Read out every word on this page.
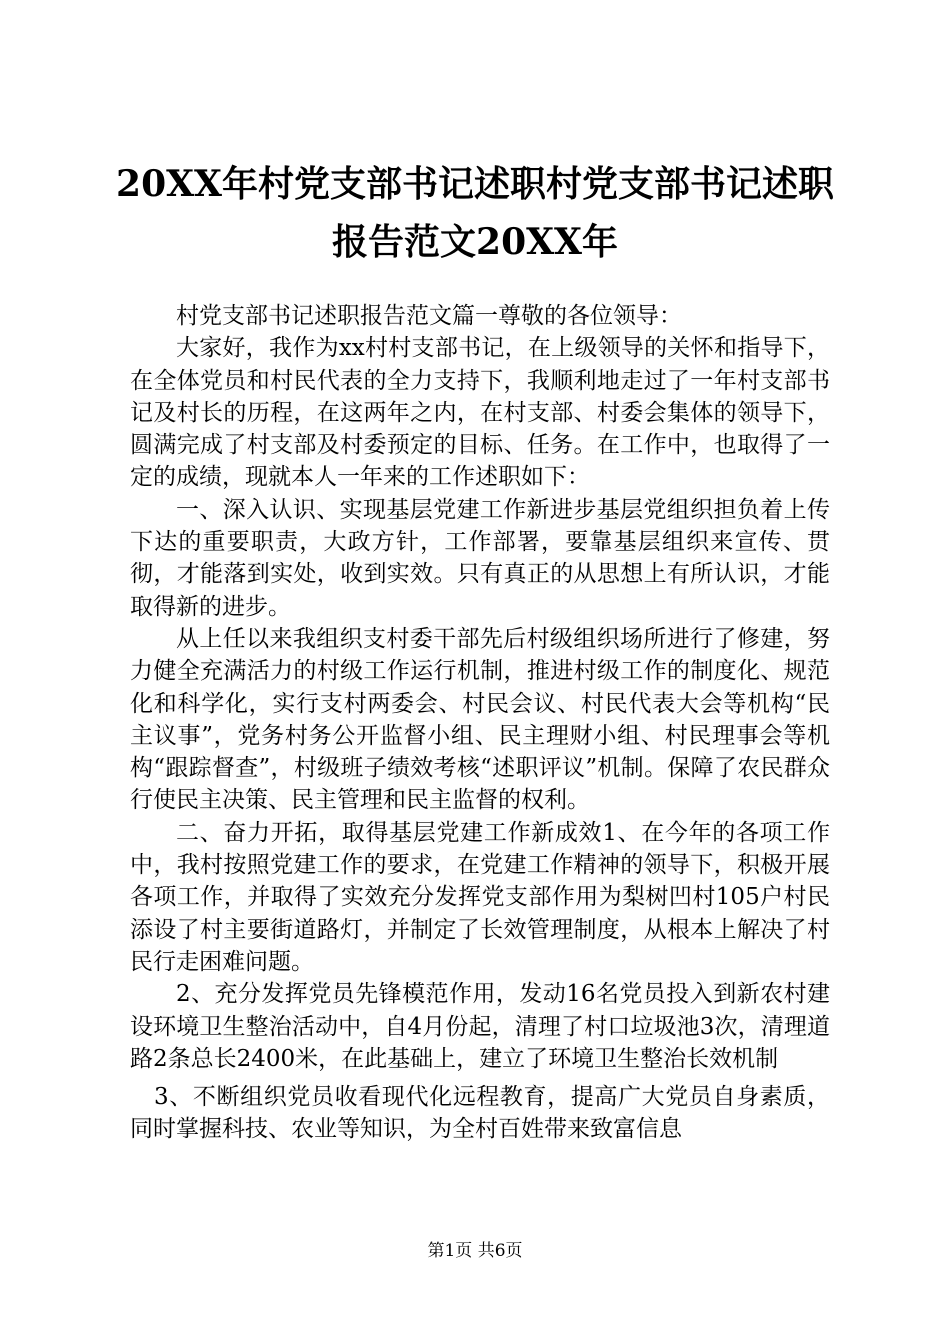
20XX年村党支部书记述职村党支部书记述职
报告范文20XX年

村党支部书记述职报告范文篇一尊敬的各位领导：

大家好，我作为xx村村支部书记，在上级领导的关怀和指导下，在全体党员和村民代表的全力支持下，我顺利地走过了一年村支部书记及村长的历程，在这两年之内，在村支部、村委会集体的领导下，圆满完成了村支部及村委预定的目标、任务。在工作中，也取得了一定的成绩，现就本人一年来的工作述职如下：

一、深入认识、实现基层党建工作新进步基层党组织担负着上传下达的重要职责，大政方针，工作部署，要靠基层组织来宣传、贯彻，才能落到实处，收到实效。只有真正的从思想上有所认识，才能取得新的进步。

从上任以来我组织支村委干部先后村级组织场所进行了修建，努力健全充满活力的村级工作运行机制，推进村级工作的制度化、规范化和科学化，实行支村两委会、村民会议、村民代表大会等机构“民主议事”，党务村务公开监督小组、民主理财小组、村民理事会等机构“跟踪督查”，村级班子绩效考核“述职评议”机制。保障了农民群众行使民主决策、民主管理和民主监督的权利。

二、奋力开拓，取得基层党建工作新成效1、在今年的各项工作中，我村按照党建工作的要求，在党建工作精神的领导下，积极开展各项工作，并取得了实效充分发挥党支部作用为梨树凹村105户村民添设了村主要街道路灯，并制定了长效管理制度，从根本上解决了村民行走困难问题。

2、充分发挥党员先锋模范作用，发动16名党员投入到新农村建设环境卫生整治活动中，自4月份起，清理了村口垃圾池3次，清理道路2条总长2400米，在此基础上，建立了环境卫生整治长效机制

3、不断组织党员收看现代化远程教育，提高广大党员自身素质，同时掌握科技、农业等知识，为全村百姓带来致富信息

第1页 共6页
